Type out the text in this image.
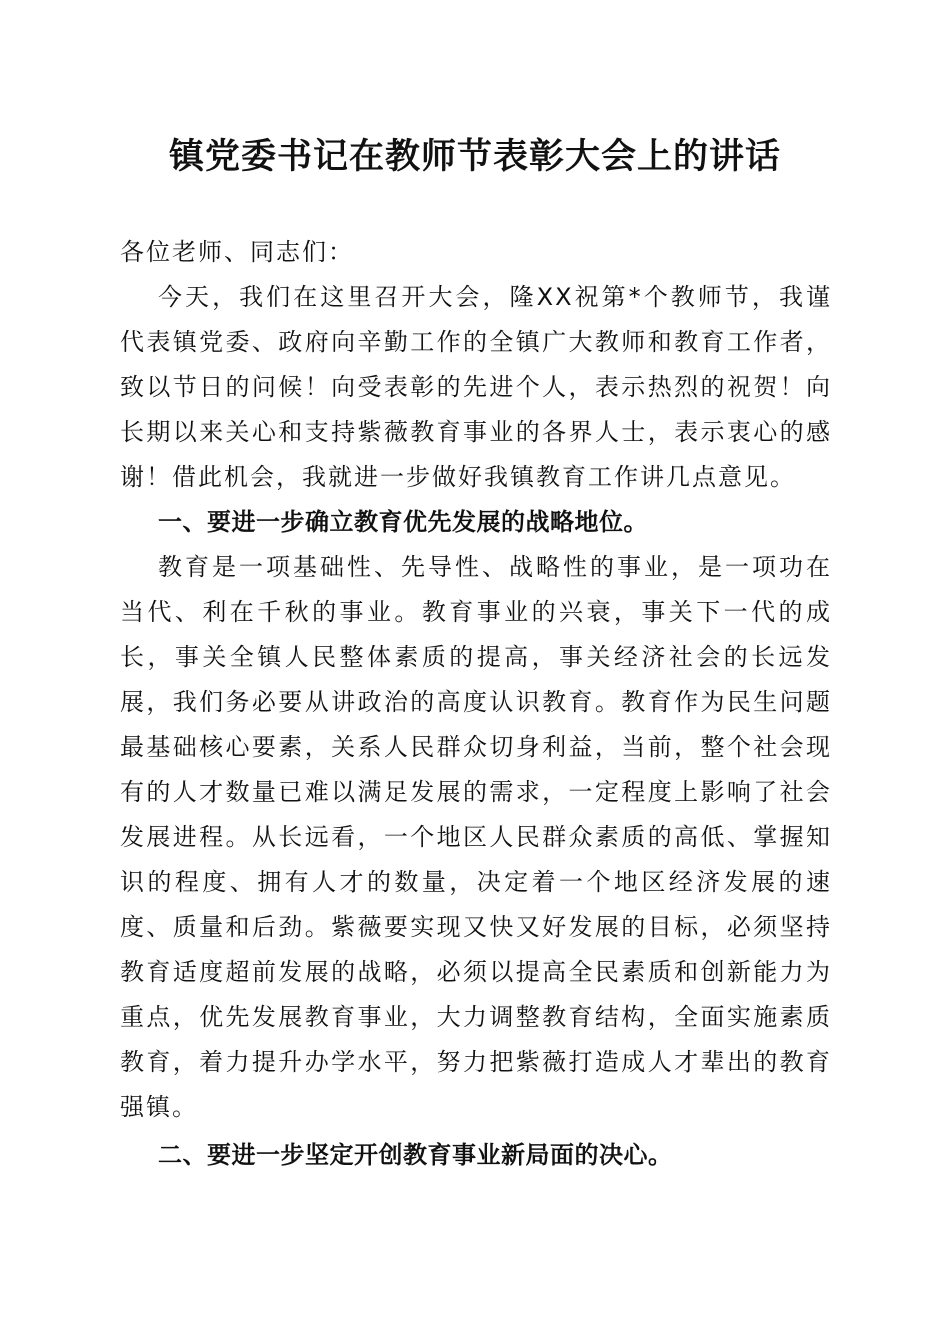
镇党委书记在教师节表彰大会上的讲话

各位老师、同志们：

今天，我们在这里召开大会，隆XX祝第*个教师节，我谨代表镇党委、政府向辛勤工作的全镇广大教师和教育工作者，致以节日的问候！向受表彰的先进个人，表示热烈的祝贺！向长期以来关心和支持紫薇教育事业的各界人士，表示衷心的感谢！借此机会，我就进一步做好我镇教育工作讲几点意见。

一、要进一步确立教育优先发展的战略地位。

教育是一项基础性、先导性、战略性的事业，是一项功在当代、利在千秋的事业。教育事业的兴衰，事关下一代的成长，事关全镇人民整体素质的提高，事关经济社会的长远发展，我们务必要从讲政治的高度认识教育。教育作为民生问题最基础核心要素，关系人民群众切身利益，当前，整个社会现有的人才数量已难以满足发展的需求，一定程度上影响了社会发展进程。从长远看，一个地区人民群众素质的高低、掌握知识的程度、拥有人才的数量，决定着一个地区经济发展的速度、质量和后劲。紫薇要实现又快又好发展的目标，必须坚持教育适度超前发展的战略，必须以提高全民素质和创新能力为重点，优先发展教育事业，大力调整教育结构，全面实施素质教育，着力提升办学水平，努力把紫薇打造成人才辈出的教育强镇。

二、要进一步坚定开创教育事业新局面的决心。
